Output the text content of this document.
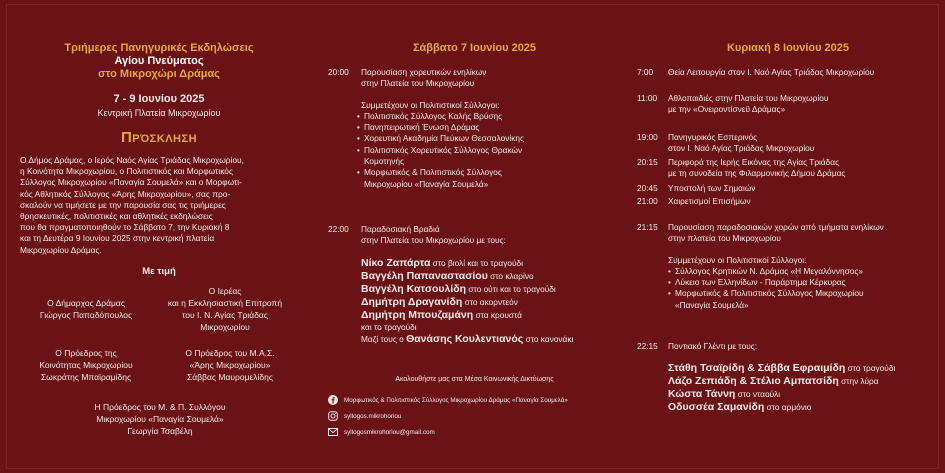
Τριήμερες Πανηγυρικές Εκδηλώσεις
Αγίου Πνεύματος
στο Μικροχώρι Δράμας
7 - 9 Ιουνίου 2025
Κεντρική Πλατεία Μικροχωρίου
Πρόσκληση
Ο Δήμος Δράμας, ο Ιερός Ναός Αγίας Τριάδας Μικροχωρίου,
η Κοινότητα Μικροχωρίου, ο Πολιτιστικός και Μορφωτικός
Σύλλογος Μικροχωρίου «Παναγία Σουμελά» και ο Μορφωτι-
κός Αθλητικός Σύλλογος «Άρης Μικροχωρίου», σας προ-
σκαλούν να τιμήσετε με την παρουσία σας τις τριήμερες
θρησκευτικές, πολιτιστικές και αθλητικές εκδηλώσεις
που θα πραγματοποιηθούν το Σάββατο 7, την Κυριακή 8
και τη Δευτέρα 9 Ιουνίου 2025 στην κεντρική πλατεία
Μικροχωρίου Δράμας.
Με τιμή
Ο Δήμαρχος Δράμας
Γιώργος Παπαδόπουλος
Ο Ιερέας
και η Εκκλησιαστική Επιτροπή
του Ι. Ν. Αγίας Τριάδας
Μικροχωρίου
Ο Πρόεδρος της
Κοινότητας Μικροχωρίου
Σωκράτης Μπαϊραμίδης
Ο Πρόεδρος του Μ.Α.Σ.
«Άρης Μικροχωρίου»
Σάββας Μαυρομελίδης
Η Πρόεδρος του Μ. & Π. Συλλόγου
Μικροχωρίου «Παναγία Σουμελά»
Γεωργία Τσαβέλη
Σάββατο 7 Ιουνίου 2025
20:00 Παρουσίαση χορευτικών ενηλίκων
στην Πλατεία του Μικροχωρίου
Συμμετέχουν οι Πολιτιστικοί Σύλλογοι:
• Πολιτιστικός Σύλλογος Καλής Βρύσης
• Πανηπειρωτική Ένωση Δράμας
• Χορευτική Ακαδημία Πεύκων Θεσσαλονίκης
• Πολιτιστικός Χορευτικός Σύλλογος Θρακών
Κομοτηνής
• Μορφωτικός & Πολιτιστικός Σύλλογος
Μικροχωρίου «Παναγία Σουμελά»
22:00 Παραδοσιακή Βραδιά
στην Πλατεία του Μικροχωρίου με τους:
Νίκο Ζαπάρτα στο βιολί και το τραγούδι
Βαγγέλη Παπαναστασίου στο κλαρίνο
Βαγγέλη Κατσουλίδη στο ούτι και το τραγούδι
Δημήτρη Δραγανίδη στο ακορντεόν
Δημήτρη Μπουζαμάνη στα κρουστά
και το τραγούδι
Μαζί τους ο Θανάσης Κουλεντιανός στο κανονάκι
Ακολουθήστε μας στα Μέσα Κοινωνικής Δικτύωσης
Μορφωτικός & Πολιτιστικός Σύλλογος Μικροχωρίου Δράμας «Παναγία Σουμελά»
syllogos.mikrohoriou
syllogosmikrohoriou@gmail.com
Κυριακή 8 Ιουνίου 2025
7:00 Θεία Λειτουργία στον Ι. Ναό Αγίας Τριάδας Μικροχωρίου
11:00 Αθλοπαιδιές στην Πλατεία του Μικροχωρίου
με την «Ονειροντίσνεϋ Δράμας»
19:00 Πανηγυρικός Εσπερινός
στον Ι. Ναό Αγίας Τριάδας Μικροχωρίου
20:15 Περιφορά της Ιερής Εικόνας της Αγίας Τριάδας
με τη συνοδεία της Φιλαρμονικής Δήμου Δράμας
20:45 Υποστολή των Σημαιών
21:00 Χαιρετισμοί Επισήμων
21:15 Παρουσίαση παραδοσιακών χορών από τμήματα ενηλίκων
στην πλατεία του Μικροχωρίου
Συμμετέχουν οι Πολιτιστικοί Σύλλογοι:
• Σύλλογος Κρητικών Ν. Δράμας «Η Μεγαλόννησος»
• Λύκειο των Ελληνίδων - Παράρτημα Κέρκυρας
• Μορφωτικός & Πολιτιστικός Σύλλογος Μικροχωρίου
«Παναγία Σουμελά»
22:15 Ποντιακό Γλέντι με τους:
Στάθη Τσαϊρίδη & Σάββα Εφραιμίδη στο τραγούδι
Λάζο Ζεπιάδη & Στέλιο Αμπατσίδη στην λύρα
Κώστα Τάννη στο νταούλι
Οδυσσέα Σαμανίδη στο αρμόνιο
